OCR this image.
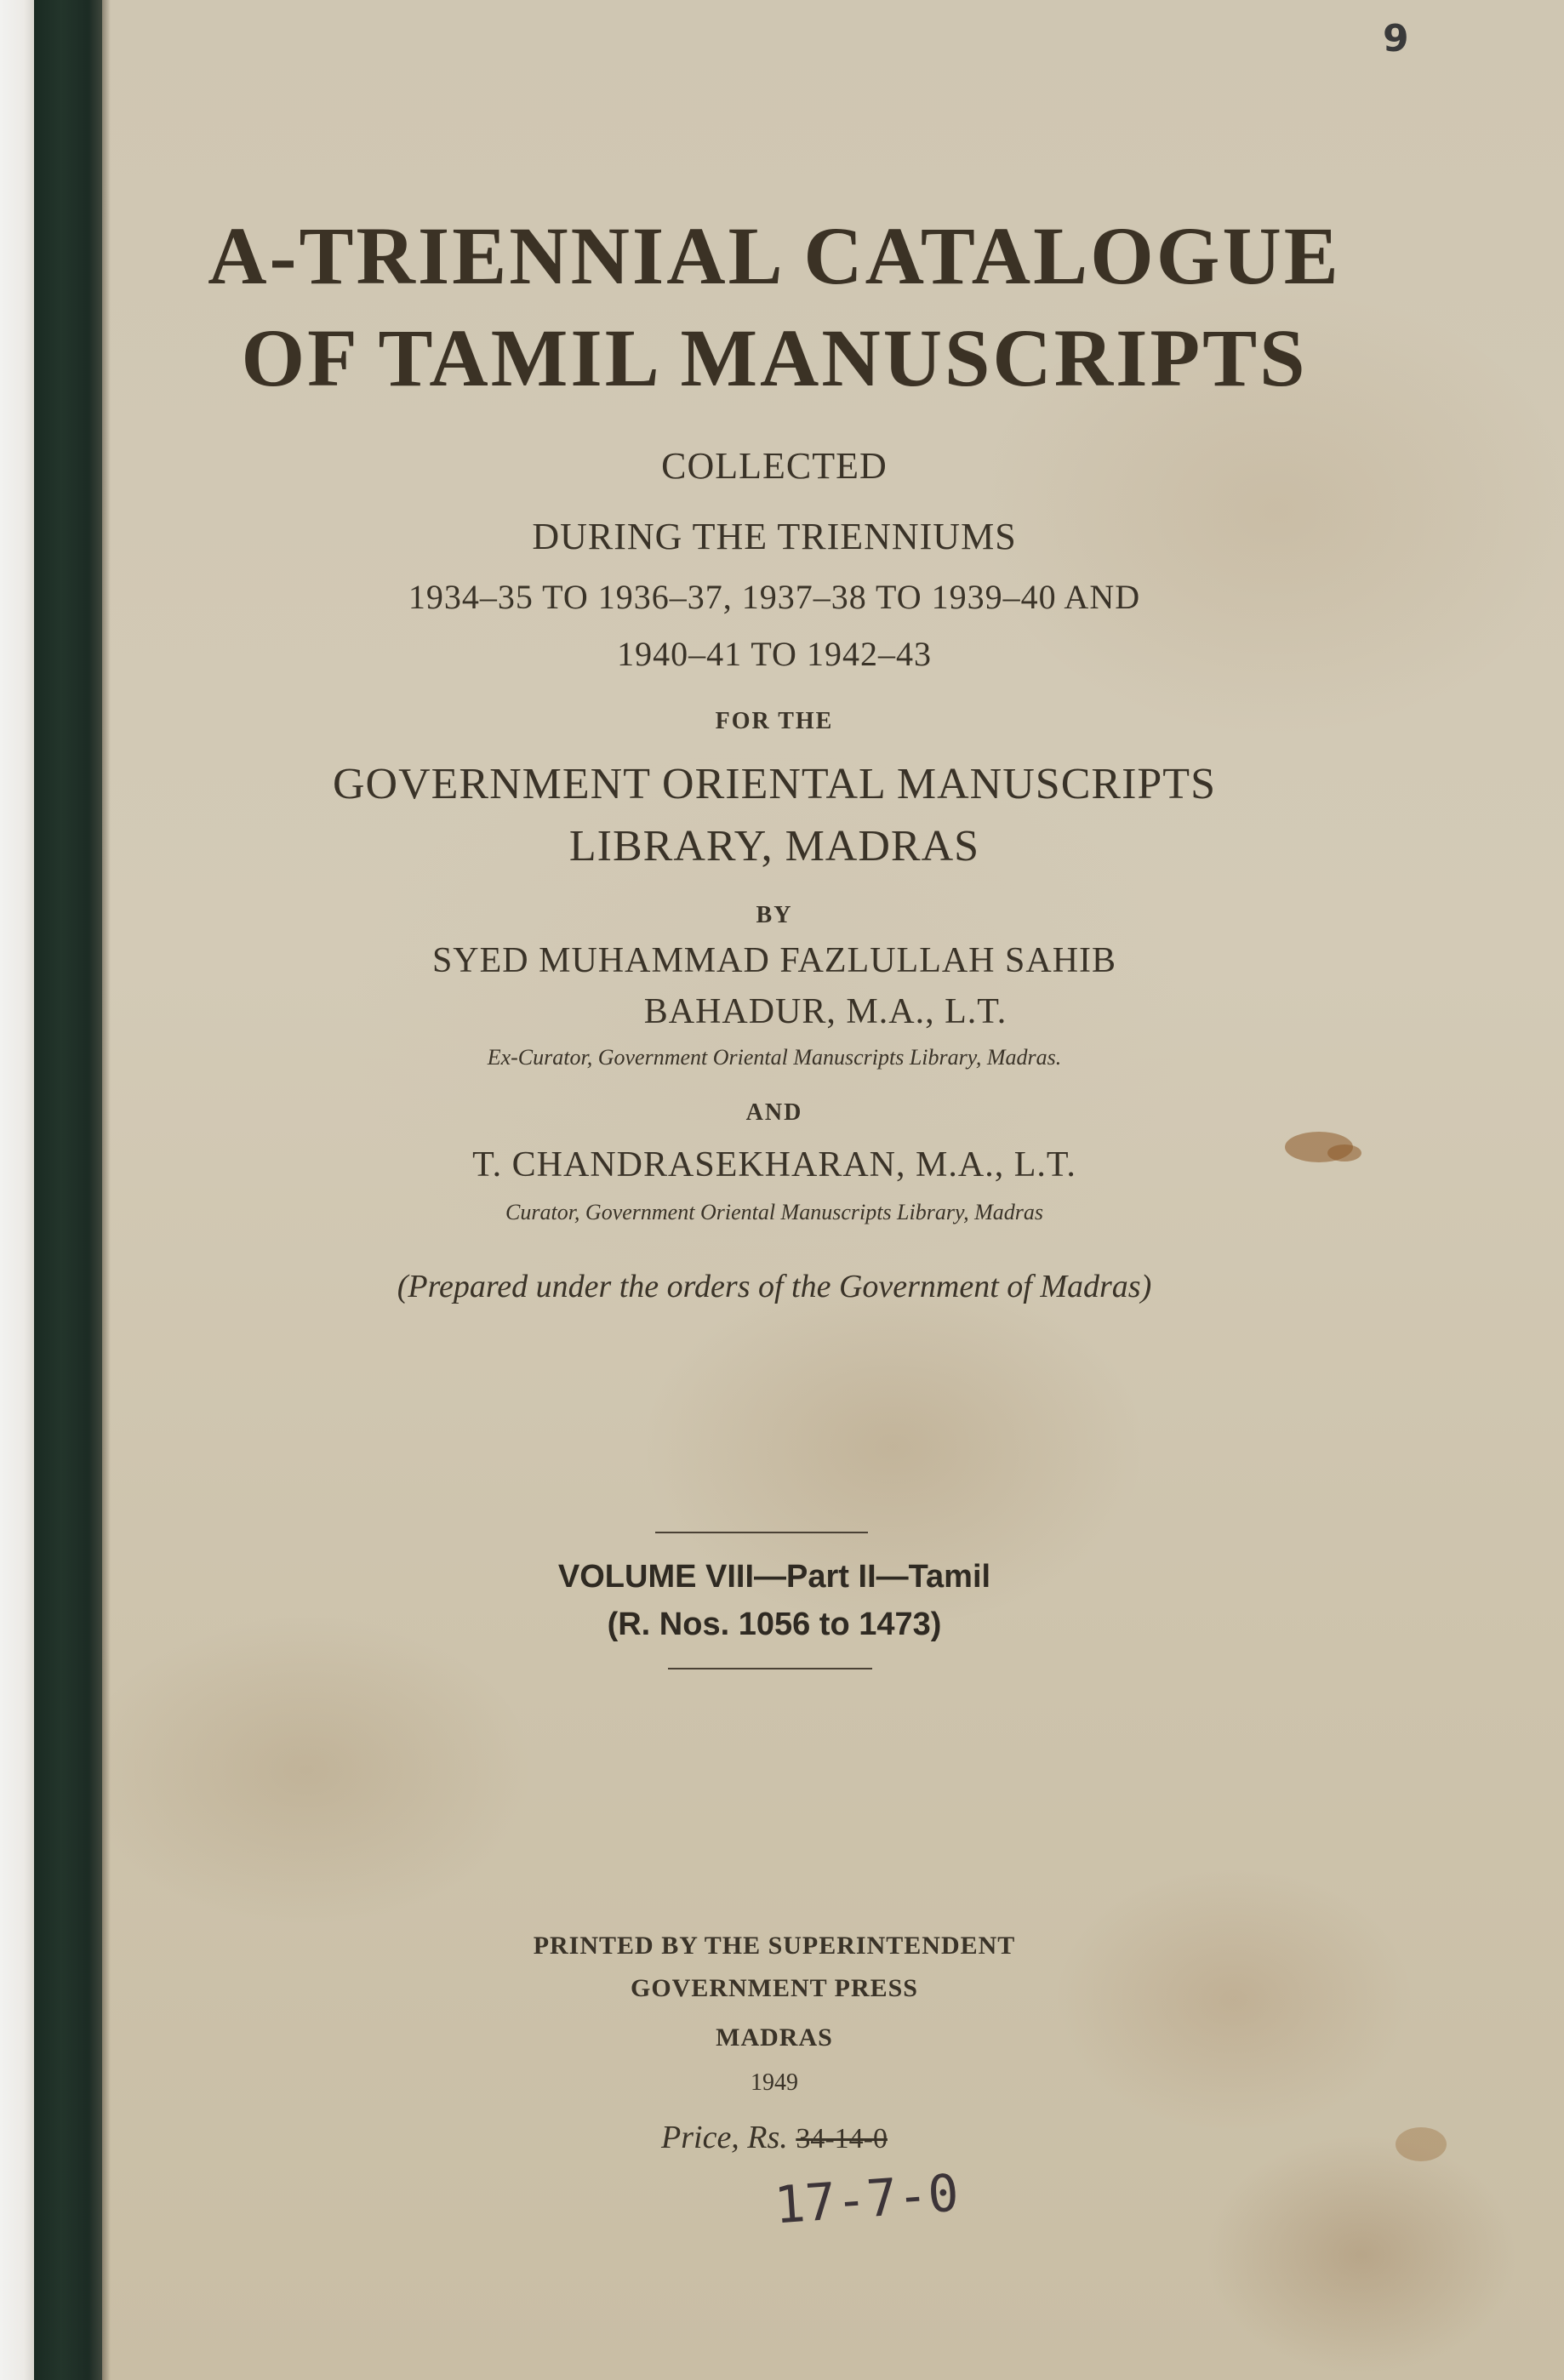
9
A-TRIENNIAL CATALOGUE
OF TAMIL MANUSCRIPTS
COLLECTED
DURING THE TRIENNIUMS
1934–35 TO 1936–37, 1937–38 TO 1939–40 AND
1940–41 TO 1942–43
FOR THE
GOVERNMENT ORIENTAL MANUSCRIPTS
LIBRARY, MADRAS
BY
SYED MUHAMMAD FAZLULLAH SAHIB
BAHADUR, M.A., L.T.
Ex-Curator, Government Oriental Manuscripts Library, Madras.
AND
T. CHANDRASEKHARAN, M.A., L.T.
Curator, Government Oriental Manuscripts Library, Madras
(Prepared under the orders of the Government of Madras)
VOLUME VIII—Part II—Tamil
(R. Nos. 1056 to 1473)
PRINTED BY THE SUPERINTENDENT
GOVERNMENT PRESS
MADRAS
1949
Price, Rs. 34-14-0
17-7-0
